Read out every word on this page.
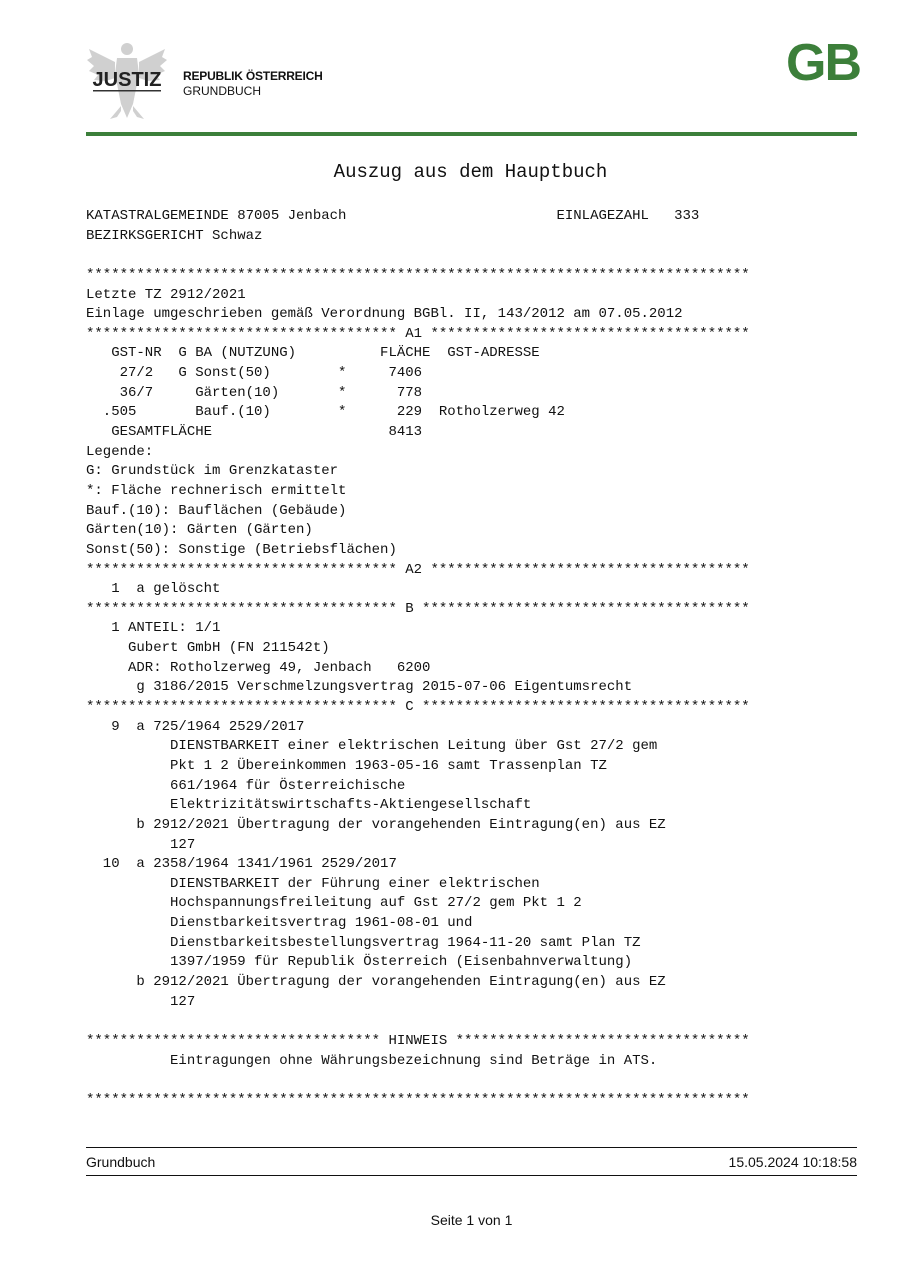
JUSTIZ REPUBLIK ÖSTERREICH
GRUNDBUCH	GB
Auszug aus dem Hauptbuch
KATASTRALGEMEINDE 87005 Jenbach                         EINLAGEZAHL   333
BEZIRKSGERICHT Schwaz
*******************************************************************************
Letzte TZ 2912/2021
Einlage umgeschrieben gemäß Verordnung BGBl. II, 143/2012 am 07.05.2012
************************************* A1 **************************************
GST-NR  G BA (NUTZUNG)          FLÄCHE  GST-ADRESSE
27/2   G Sonst(50)        *     7406
36/7     Gärten(10)       *      778
.505       Bauf.(10)        *      229  Rotholzerweg 42
GESAMTFLÄCHE                     8413
Legende:
G: Grundstück im Grenzkataster
*: Fläche rechnerisch ermittelt
Bauf.(10): Bauflächen (Gebäude)
Gärten(10): Gärten (Gärten)
Sonst(50): Sonstige (Betriebsflächen)
************************************* A2 **************************************
1  a gelöscht
************************************* B ***************************************
1 ANTEIL: 1/1
Gubert GmbH (FN 211542t)
ADR: Rotholzerweg 49, Jenbach   6200
g 3186/2015 Verschmelzungsvertrag 2015-07-06 Eigentumsrecht
************************************* C ***************************************
9  a 725/1964 2529/2017
DIENSTBARKEIT einer elektrischen Leitung über Gst 27/2 gem
Pkt 1 2 Übereinkommen 1963-05-16 samt Trassenplan TZ
661/1964 für Österreichische
Elektrizitätswirtschafts-Aktiengesellschaft
b 2912/2021 Übertragung der vorangehenden Eintragung(en) aus EZ
127
10  a 2358/1964 1341/1961 2529/2017
DIENSTBARKEIT der Führung einer elektrischen
Hochspannungsfreileitung auf Gst 27/2 gem Pkt 1 2
Dienstbarkeitsvertrag 1961-08-01 und
Dienstbarkeitsbestellungsvertrag 1964-11-20 samt Plan TZ
1397/1959 für Republik Österreich (Eisenbahnverwaltung)
b 2912/2021 Übertragung der vorangehenden Eintragung(en) aus EZ
127
*********************************** HINWEIS ***********************************
Eintragungen ohne Währungsbezeichnung sind Beträge in ATS.
*******************************************************************************
Grundbuch	15.05.2024 10:18:58
Seite 1 von 1
